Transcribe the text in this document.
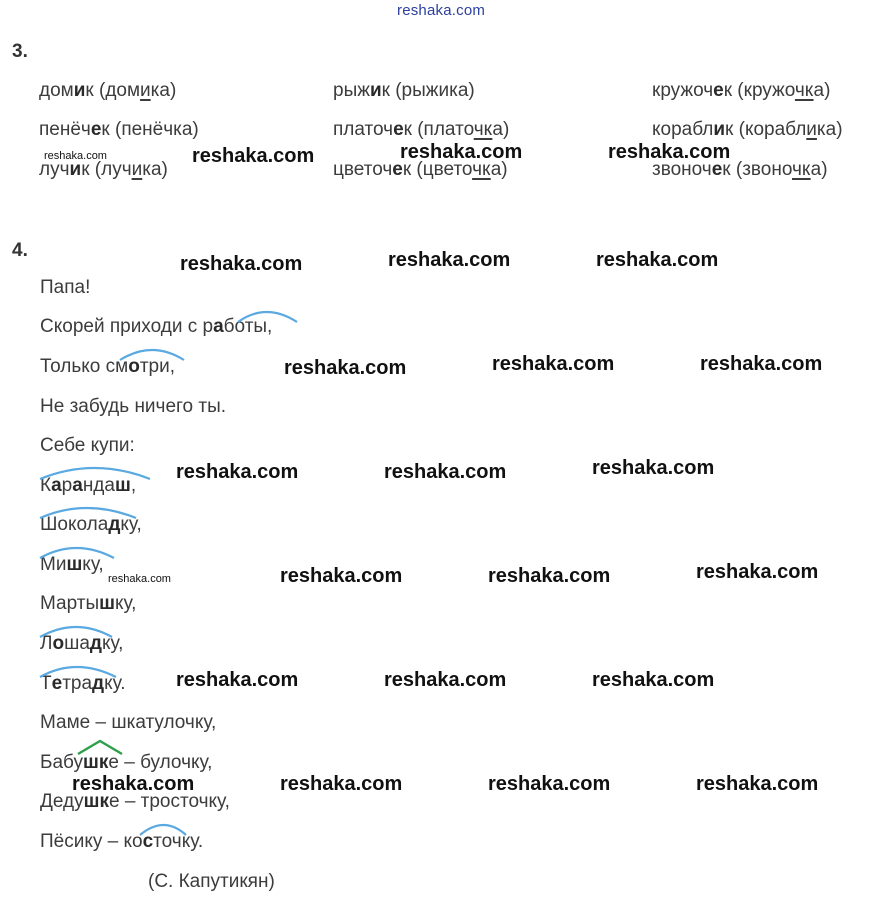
reshaka.com
3.
домик (домика)	рыжик (рыжика)	кружочек (кружочка)
пенёчек (пенёчка)	платочек (платочка)	кораблик (кораблика)
лучик (лучика)	цветочек (цветочка)	звоночек (звоночка)
4.
Папа!
Скорей приходи с работы,
Только смотри,
Не забудь ничего ты.
Себе купи:
Карандаш,
Шоколадку,
Мишку,
Мартышку,
Лошадку,
Тетрадку.
Маме – шкатулочку,
Бабушке – булочку,
Дедушке – тросточку,
Пёсику – косточку.
(С. Капутикян)
reshaka.com	reshaka.com	reshaka.com	reshaka.com
reshaka.com	reshaka.com	reshaka.com
reshaka.com	reshaka.com	reshaka.com
reshaka.com	reshaka.com	reshaka.com
reshaka.com	reshaka.com	reshaka.com	reshaka.com
reshaka.com	reshaka.com	reshaka.com
reshaka.com	reshaka.com	reshaka.com	reshaka.com
